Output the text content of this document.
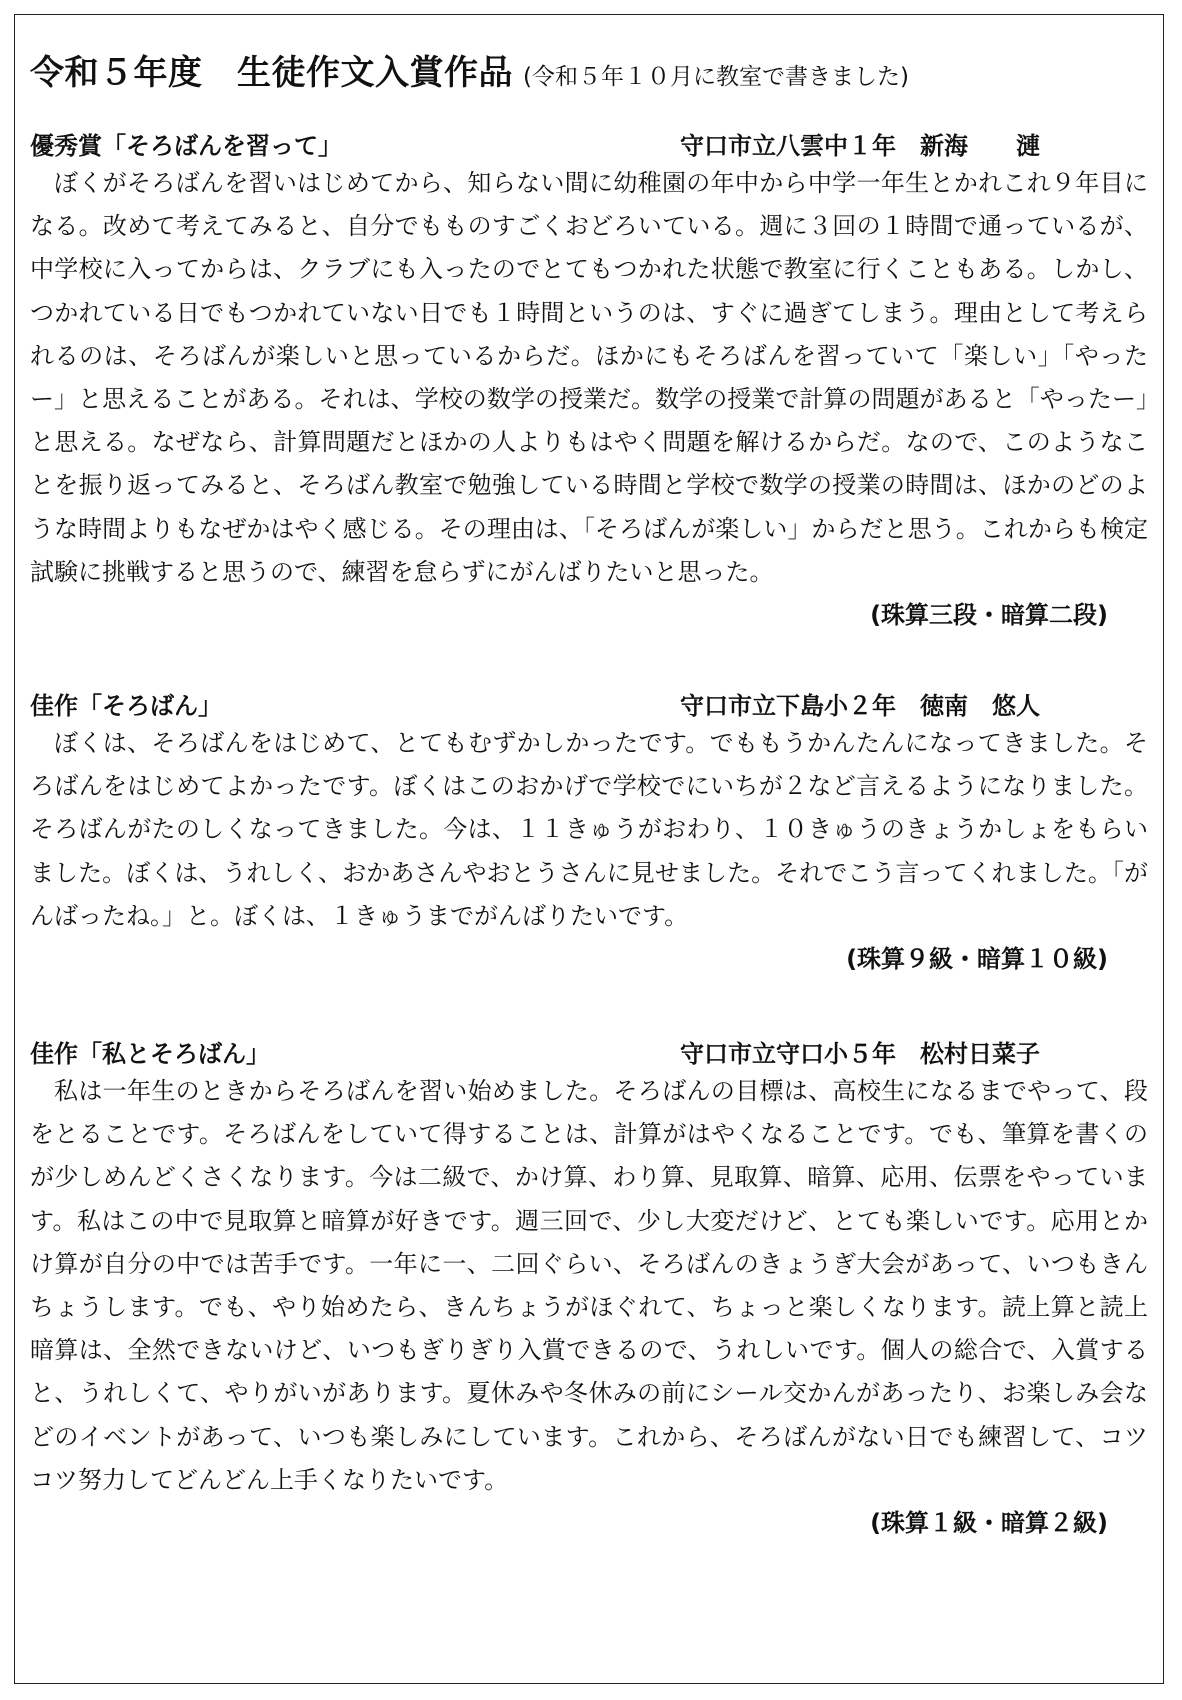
令和５年度　生徒作文入賞作品 (令和５年１０月に教室で書きました)
優秀賞「そろばんを習って」	守口市立八雲中１年　新海　　漣
ぼくがそろばんを習いはじめてから、知らない間に幼稚園の年中から中学一年生とかれこれ９年目になる。改めて考えてみると、自分でもものすごくおどろいている。週に３回の１時間で通っているが、中学校に入ってからは、クラブにも入ったのでとてもつかれた状態で教室に行くこともある。しかし、つかれている日でもつかれていない日でも１時間というのは、すぐに過ぎてしまう。理由として考えられるのは、そろばんが楽しいと思っているからだ。ほかにもそろばんを習っていて「楽しい」「やったー」と思えることがある。それは、学校の数学の授業だ。数学の授業で計算の問題があると「やったー」と思える。なぜなら、計算問題だとほかの人よりもはやく問題を解けるからだ。なので、このようなことを振り返ってみると、そろばん教室で勉強している時間と学校で数学の授業の時間は、ほかのどのような時間よりもなぜかはやく感じる。その理由は、「そろばんが楽しい」からだと思う。これからも検定試験に挑戦すると思うので、練習を怠らずにがんばりたいと思った。
(珠算三段・暗算二段)
佳作「そろばん」	守口市立下島小２年　徳南　悠人
ぼくは、そろばんをはじめて、とてもむずかしかったです。でももうかんたんになってきました。そろばんをはじめてよかったです。ぼくはこのおかげで学校でにいちが２など言えるようになりました。そろばんがたのしくなってきました。今は、１１きゅうがおわり、１０きゅうのきょうかしょをもらいました。ぼくは、うれしく、おかあさんやおとうさんに見せました。それでこう言ってくれました。「がんばったね。」と。ぼくは、１きゅうまでがんばりたいです。
(珠算９級・暗算１０級)
佳作「私とそろばん」	守口市立守口小５年　松村日菜子
私は一年生のときからそろばんを習い始めました。そろばんの目標は、高校生になるまでやって、段をとることです。そろばんをしていて得することは、計算がはやくなることです。でも、筆算を書くのが少しめんどくさくなります。今は二級で、かけ算、わり算、見取算、暗算、応用、伝票をやっています。私はこの中で見取算と暗算が好きです。週三回で、少し大変だけど、とても楽しいです。応用とかけ算が自分の中では苦手です。一年に一、二回ぐらい、そろばんのきょうぎ大会があって、いつもきんちょうします。でも、やり始めたら、きんちょうがほぐれて、ちょっと楽しくなります。読上算と読上暗算は、全然できないけど、いつもぎりぎり入賞できるので、うれしいです。個人の総合で、入賞すると、うれしくて、やりがいがあります。夏休みや冬休みの前にシール交かんがあったり、お楽しみ会などのイベントがあって、いつも楽しみにしています。これから、そろばんがない日でも練習して、コツコツ努力してどんどん上手くなりたいです。
(珠算１級・暗算２級)
